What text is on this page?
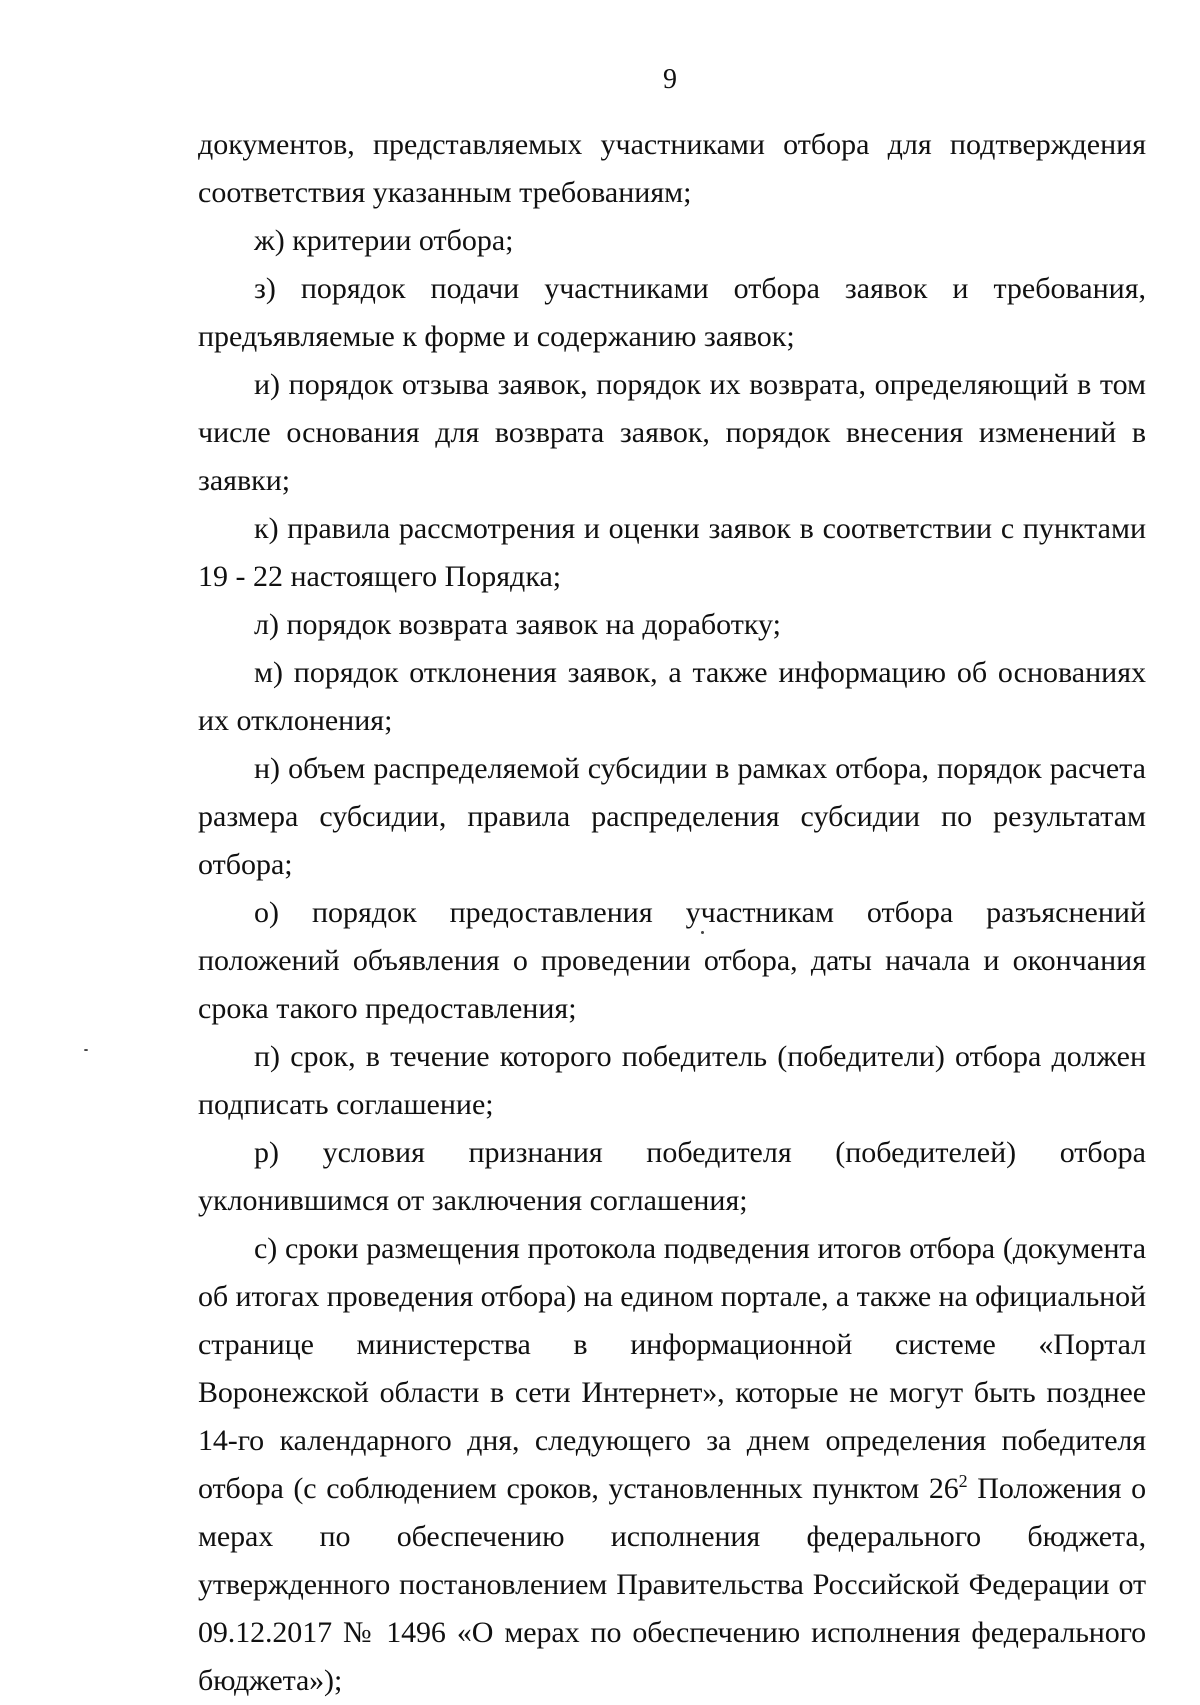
9

документов, представляемых участниками отбора для подтверждения соответствия указанным требованиям;

ж) критерии отбора;

з) порядок подачи участниками отбора заявок и требования, предъявляемые к форме и содержанию заявок;

и) порядок отзыва заявок, порядок их возврата, определяющий в том числе основания для возврата заявок, порядок внесения изменений в заявки;

к) правила рассмотрения и оценки заявок в соответствии с пунктами 19 - 22 настоящего Порядка;

л) порядок возврата заявок на доработку;

м) порядок отклонения заявок, а также информацию об основаниях их отклонения;

н) объем распределяемой субсидии в рамках отбора, порядок расчета размера субсидии, правила распределения субсидии по результатам отбора;

о) порядок предоставления участникам отбора разъяснений положений объявления о проведении отбора, даты начала и окончания срока такого предоставления;

п) срок, в течение которого победитель (победители) отбора должен подписать соглашение;

р) условия признания победителя (победителей) отбора уклонившимся от заключения соглашения;

с) сроки размещения протокола подведения итогов отбора (документа об итогах проведения отбора) на едином портале, а также на официальной странице министерства в информационной системе «Портал Воронежской области в сети Интернет», которые не могут быть позднее 14-го календарного дня, следующего за днем определения победителя отбора (с соблюдением сроков, установленных пунктом $26^2$ Положения о мерах по обеспечению исполнения федерального бюджета, утвержденного постановлением Правительства Российской Федерации от 09.12.2017 № 1496 «О мерах по обеспечению исполнения федерального бюджета»);
